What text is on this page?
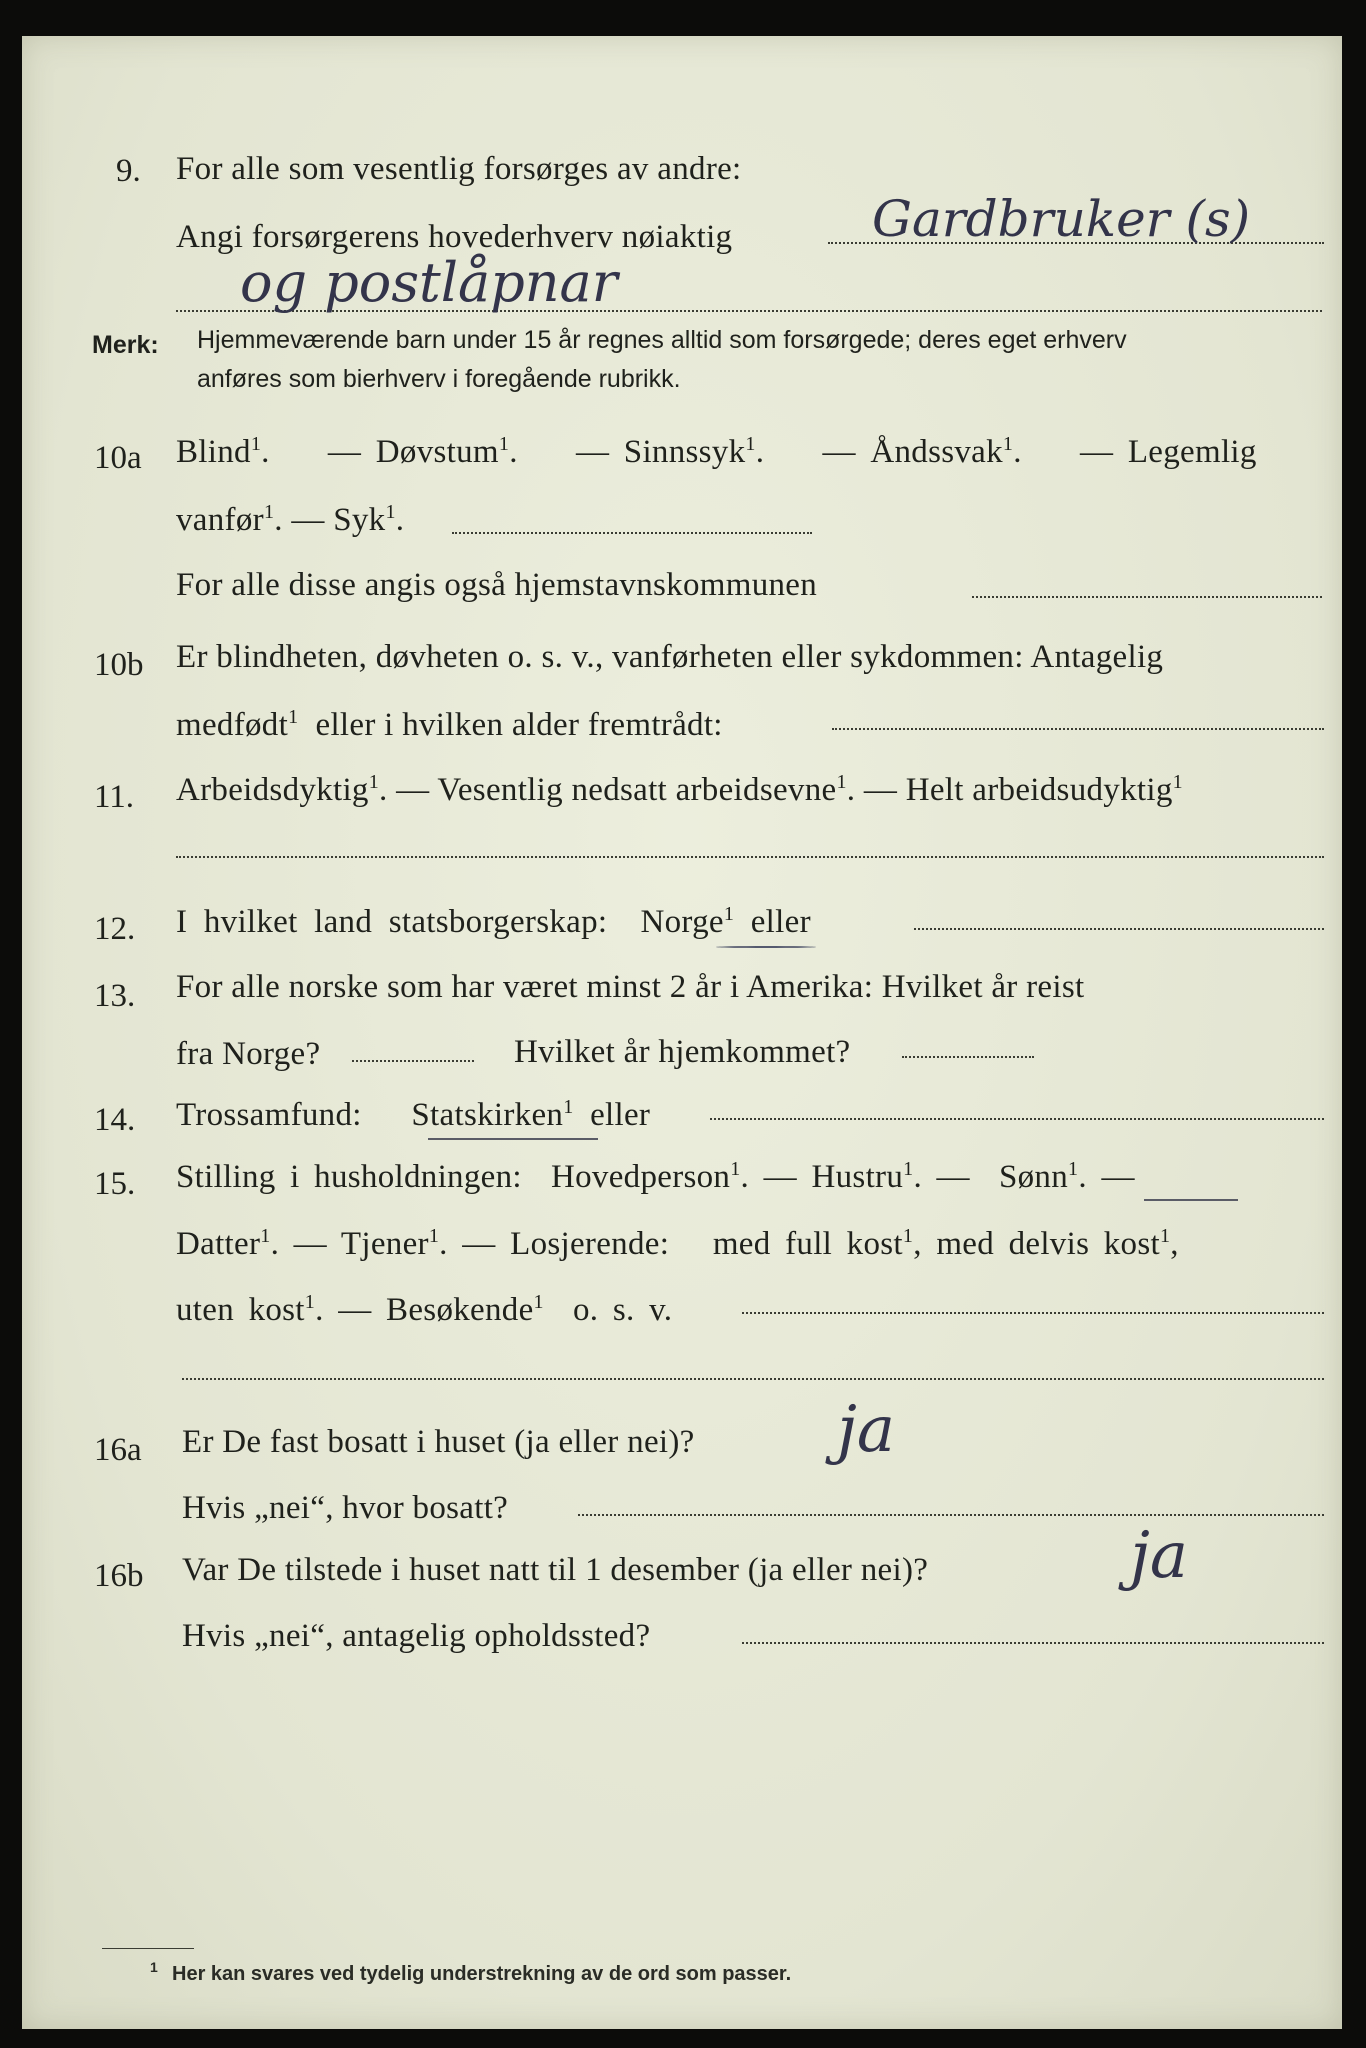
9. For alle som vesentlig forsørges av andre:
Angi forsørgerens hovederhverv nøiaktig	Gardbruker (s)
og postlåpnar
Merk: Hjemmeværende barn under 15 år regnes alltid som forsørgede; deres eget erhverv
anføres som bierhverv i foregående rubrikk.
10a Blind$^1$.    — Døvstum$^1$.    — Sinnssyk$^1$.    — Åndssvak$^1$.    — Legemlig
vanfør$^1$. — Syk$^1$.
For alle disse angis også hjemstavnskommunen
10b Er blindheten, døvheten o. s. v., vanførheten eller sykdommen: Antagelig
medfødt$^1$ eller i hvilken alder fremtrådt:
11. Arbeidsdyktig$^1$. — Vesentlig nedsatt arbeidsevne$^1$. — Helt arbeidsudyktig$^1$
12. I hvilket land statsborgerskap: Norge$^1$ eller
13. For alle norske som har været minst 2 år i Amerika: Hvilket år reist
fra Norge?	Hvilket år hjemkommet?
14. Trossamfund: Statskirken$^1$ eller
15. Stilling i husholdningen: Hovedperson$^1$. — Hustru$^1$. — Sønn$^1$. —
Datter$^1$. — Tjener$^1$. — Losjerende: med full kost$^1$, med delvis kost$^1$,
uten kost$^1$. — Besøkende$^1$ o. s. v.
16a Er De fast bosatt i huset (ja eller nei)? ja
Hvis „nei“, hvor bosatt?
16b Var De tilstede i huset natt til 1 desember (ja eller nei)?	ja
Hvis „nei“, antagelig opholdssted?
1 Her kan svares ved tydelig understrekning av de ord som passer.
